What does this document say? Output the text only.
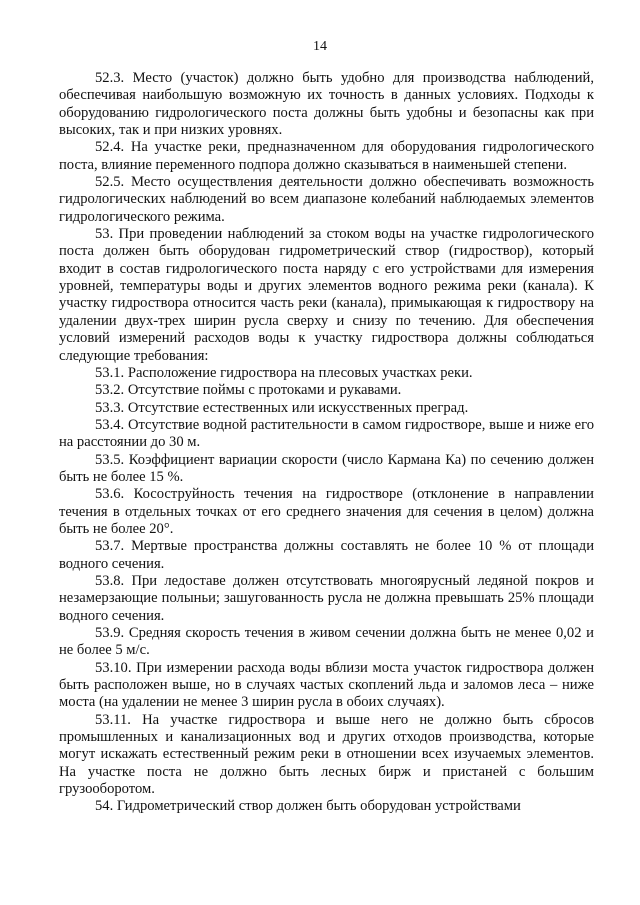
14

52.3. Место (участок) должно быть удобно для производства наблюдений, обеспечивая наибольшую возможную их точность в данных условиях. Подходы к оборудованию гидрологического поста должны быть удобны и безопасны как при высоких, так и при низких уровнях.

52.4. На участке реки, предназначенном для оборудования гидрологического поста, влияние переменного подпора должно сказываться в наименьшей степени.

52.5. Место осуществления деятельности должно обеспечивать возможность гидрологических наблюдений во всем диапазоне колебаний наблюдаемых элементов гидрологического режима.

53. При проведении наблюдений за стоком воды на участке гидрологического поста должен быть оборудован гидрометрический створ (гидроствор), который входит в состав гидрологического поста наряду с его устройствами для измерения уровней, температуры воды и других элементов водного режима реки (канала). К участку гидроствора относится часть реки (канала), примыкающая к гидроствору на удалении двух-трех ширин русла сверху и снизу по течению. Для обеспечения условий измерений расходов воды к участку гидроствора должны соблюдаться следующие требования:

53.1. Расположение гидроствора на плесовых участках реки.

53.2. Отсутствие поймы с протоками и рукавами.

53.3. Отсутствие естественных или искусственных преград.

53.4. Отсутствие водной растительности в самом гидростворе, выше и ниже его на расстоянии до 30 м.

53.5. Коэффициент вариации скорости (число Кармана Ка) по сечению должен быть не более 15 %.

53.6. Косоструйность течения на гидростворе (отклонение в направлении течения в отдельных точках от его среднего значения для сечения в целом) должна быть не более 20°.

53.7. Мертвые пространства должны составлять не более 10 % от площади водного сечения.

53.8. При ледоставе должен отсутствовать многоярусный ледяной покров и незамерзающие полыньи; зашугованность русла не должна превышать 25% площади водного сечения.

53.9. Средняя скорость течения в живом сечении должна быть не менее 0,02 и не более 5 м/с.

53.10. При измерении расхода воды вблизи моста участок гидроствора должен быть расположен выше, но в случаях частых скоплений льда и заломов леса – ниже моста (на удалении не менее 3 ширин русла в обоих случаях).

53.11. На участке гидроствора и выше него не должно быть сбросов промышленных и канализационных вод и других отходов производства, которые могут искажать естественный режим реки в отношении всех изучаемых элементов. На участке поста не должно быть лесных бирж и пристаней с большим грузооборотом.

54. Гидрометрический створ должен быть оборудован устройствами
